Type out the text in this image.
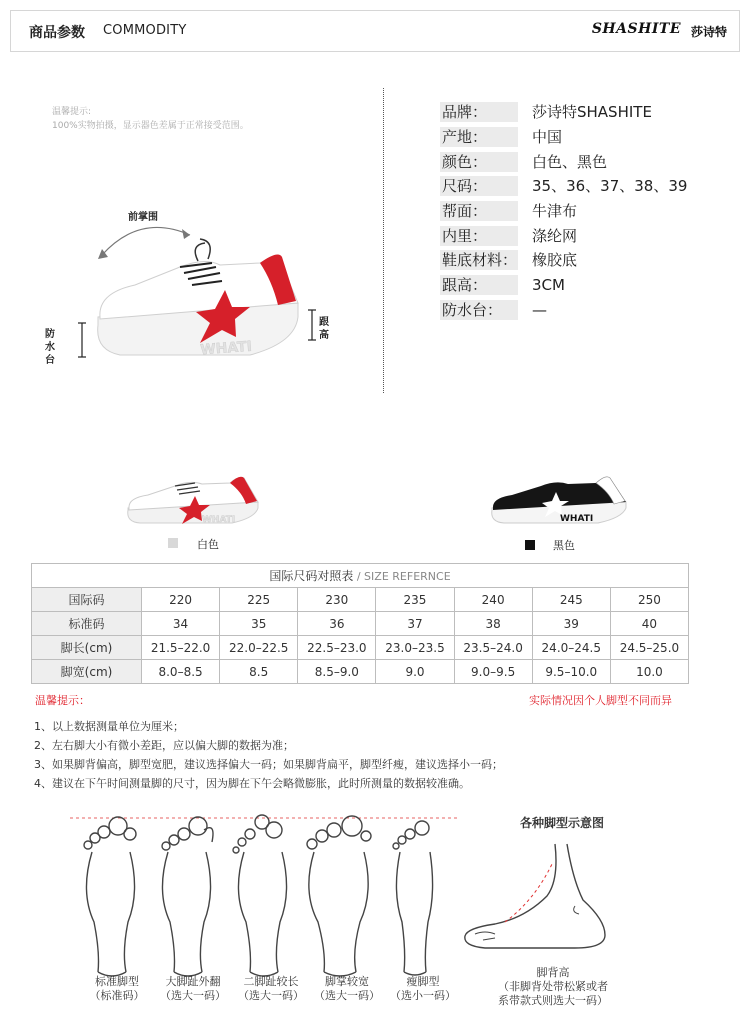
商品参数 COMMODITY	SHASHITE 莎诗特
温馨提示:
100%实物拍摄，显示器色差属于正常接受范围。
WHATI
前掌围
防
水
台
跟
高
品牌：	莎诗特SHASHITE
产地：	中国
颜色：	白色、黑色
尺码：	35、36、37、38、39
帮面：	牛津布
内里：	涤纶网
鞋底材料： 橡胶底
跟高：	3CM
防水台：	—
WHATI	WHATI
白色	黑色
国际尺码对照表 / SIZE REFERNCE							
国际码	220	225	230	235	240	245	250
标准码	34	35	36	37	38	39	40
脚长(cm)	21.5–22.0	22.0–22.5	22.5–23.0	23.0–23.5	23.5–24.0	24.0–24.5	24.5–25.0
脚宽(cm)	8.0–8.5	8.5	8.5–9.0	9.0	9.0–9.5	9.5–10.0	10.0
温馨提示：	实际情况因个人脚型不同而异
1、以上数据测量单位为厘米；
2、左右脚大小有微小差距，应以偏大脚的数据为准；
3、如果脚背偏高，脚型宽肥，建议选择偏大一码；如果脚背扁平，脚型纤瘦，建议选择小一码；
4、建议在下午时间测量脚的尺寸，因为脚在下午会略微膨胀，此时所测量的数据较准确。
各种脚型示意图
标准脚型
（标准码）
大脚趾外翻
（选大一码）
二脚趾较长
（选大一码）
脚掌较宽
（选大一码）
瘦脚型
（选小一码）
脚背高
（非脚背处带松紧或者
系带款式则选大一码）
